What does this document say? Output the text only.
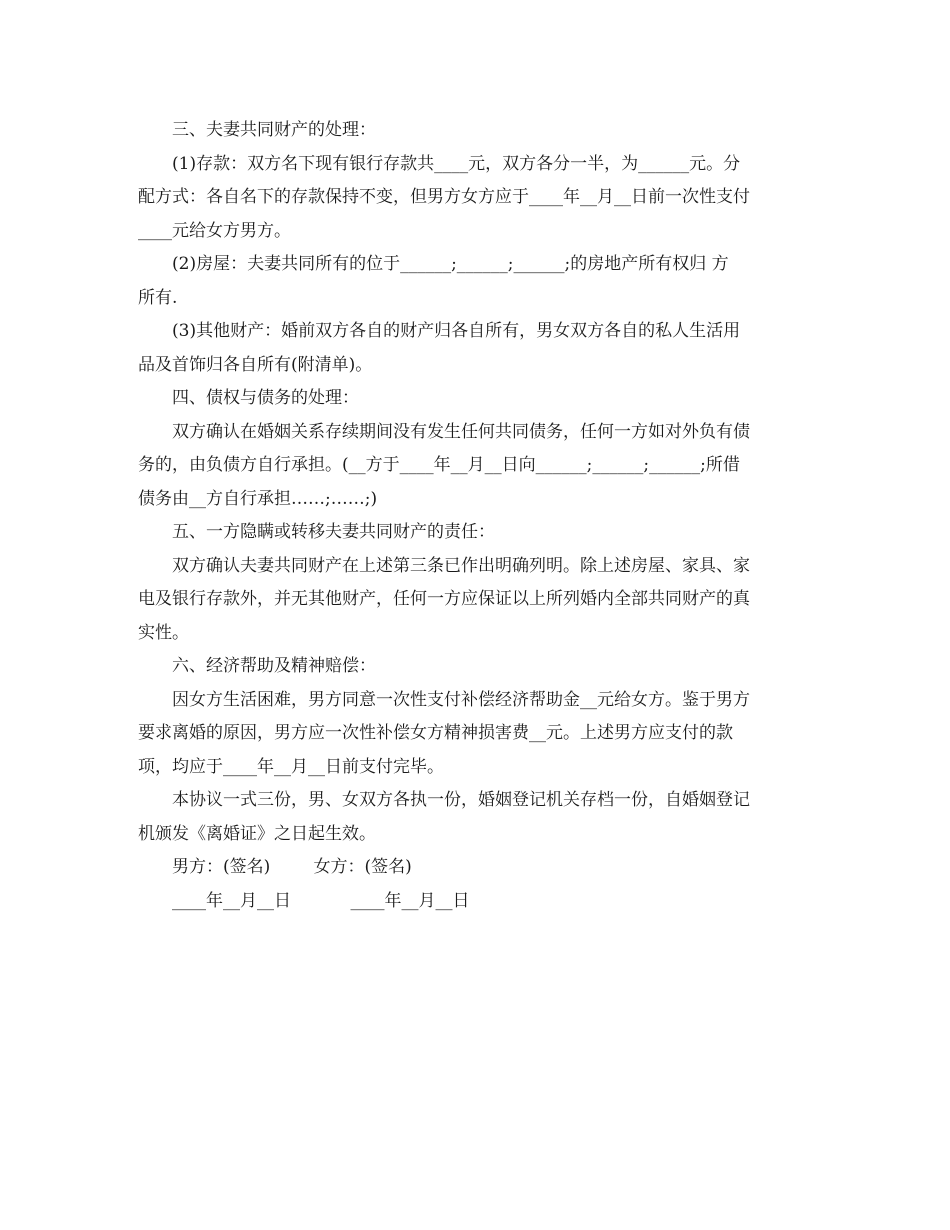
三、夫妻共同财产的处理：

(1)存款：双方名下现有银行存款共____元，双方各分一半，为______元。分
配方式：各自名下的存款保持不变，但男方女方应于____年__月__日前一次性支付
____元给女方男方。

(2)房屋：夫妻共同所有的位于______;______;______;的房地产所有权归 方
所有.

(3)其他财产：婚前双方各自的财产归各自所有，男女双方各自的私人生活用
品及首饰归各自所有(附清单)。

四、债权与债务的处理：

双方确认在婚姻关系存续期间没有发生任何共同债务，任何一方如对外负有债
务的，由负债方自行承担。(__方于____年__月__日向______;______;______;所借
债务由__方自行承担……;……;)

五、一方隐瞒或转移夫妻共同财产的责任：

双方确认夫妻共同财产在上述第三条已作出明确列明。除上述房屋、家具、家
电及银行存款外，并无其他财产，任何一方应保证以上所列婚内全部共同财产的真
实性。

六、经济帮助及精神赔偿：

因女方生活困难，男方同意一次性支付补偿经济帮助金__元给女方。鉴于男方
要求离婚的原因，男方应一次性补偿女方精神损害费__元。上述男方应支付的款
项，均应于____年__月__日前支付完毕。

本协议一式三份，男、女双方各执一份，婚姻登记机关存档一份，自婚姻登记
机颁发《离婚证》之日起生效。

男方：(签名)        女方：(签名)

____年__月__日           ____年__月__日
